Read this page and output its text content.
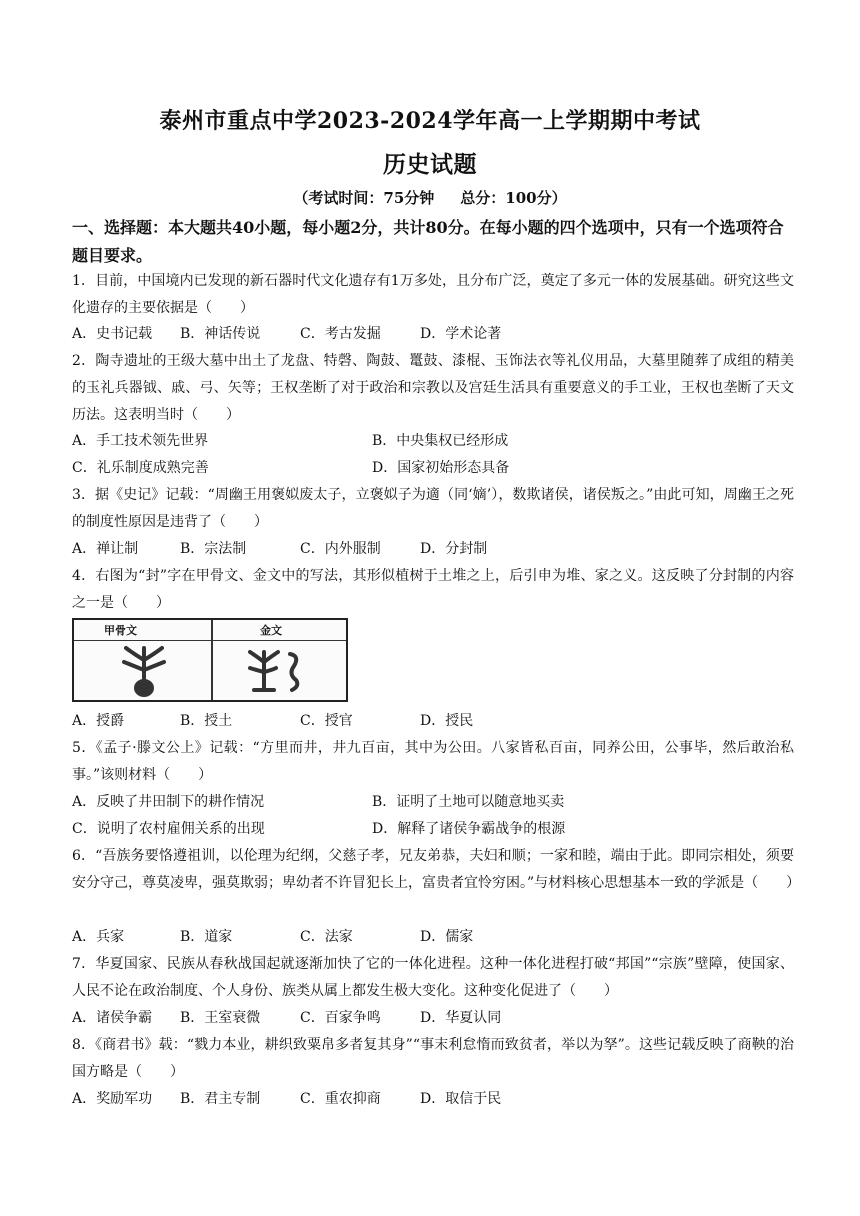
泰州市重点中学2023-2024学年高一上学期期中考试
历史试题
（考试时间：75分钟 总分：100分）
一、选择题：本大题共40小题，每小题2分，共计80分。在每小题的四个选项中，只有一个选项符合题目要求。
1．目前，中国境内已发现的新石器时代文化遗存有1万多处，且分布广泛，奠定了多元一体的发展基础。研究这些文化遗存的主要依据是（　　）
A．史书记载 B．神话传说	C．考古发掘	D．学术论著
2．陶寺遗址的王级大墓中出土了龙盘、特磬、陶鼓、鼍鼓、漆棍、玉饰法衣等礼仪用品，大墓里随葬了成组的精美的玉礼兵器钺、戚、弓、矢等；王权垄断了对于政治和宗教以及宫廷生活具有重要意义的手工业，王权也垄断了天文历法。这表明当时（　　）
A．手工技术领先世界	B．中央集权已经形成
C．礼乐制度成熟完善	D．国家初始形态具备
3．据《史记》记载：“周幽王用褒姒废太子，立褒姒子为適（同‘嫡’），数欺诸侯，诸侯叛之。”由此可知，周幽王之死的制度性原因是违背了（　　）
A．禅让制	B．宗法制	C．内外服制	D．分封制
4．右图为“封”字在甲骨文、金文中的写法，其形似植树于土堆之上，后引申为堆、家之义。这反映了分封制的内容之一是（　　）
甲骨文	金文
A．授爵	B．授土	C．授官	D．授民
5．《孟子·滕文公上》记载：“方里而井，井九百亩，其中为公田。八家皆私百亩，同养公田，公事毕，然后敢治私事。”该则材料（　　）
A．反映了井田制下的耕作情况	B．证明了土地可以随意地买卖
C．说明了农村雇佣关系的出现	D．解释了诸侯争霸战争的根源
6．“吾族务要恪遵祖训，以伦理为纪纲，父慈子孝，兄友弟恭，夫妇和顺；一家和睦，端由于此。即同宗相处，须要安分守己，尊莫凌卑，强莫欺弱；卑幼者不许冒犯长上，富贵者宜怜穷困。”与材料核心思想基本一致的学派是（　　）
A．兵家	B．道家	C．法家	D．儒家
7．华夏国家、民族从春秋战国起就逐渐加快了它的一体化进程。这种一体化进程打破“邦国”“宗族”壁障，使国家、人民不论在政治制度、个人身份、族类从属上都发生极大变化。这种变化促进了（　　）
A．诸侯争霸 B．王室衰微	C．百家争鸣	D．华夏认同
8．《商君书》载：“戮力本业，耕织致粟帛多者复其身”“事末利怠惰而致贫者，举以为孥”。这些记载反映了商鞅的治国方略是（　　）
A．奖励军功 B．君主专制	C．重农抑商	D．取信于民
